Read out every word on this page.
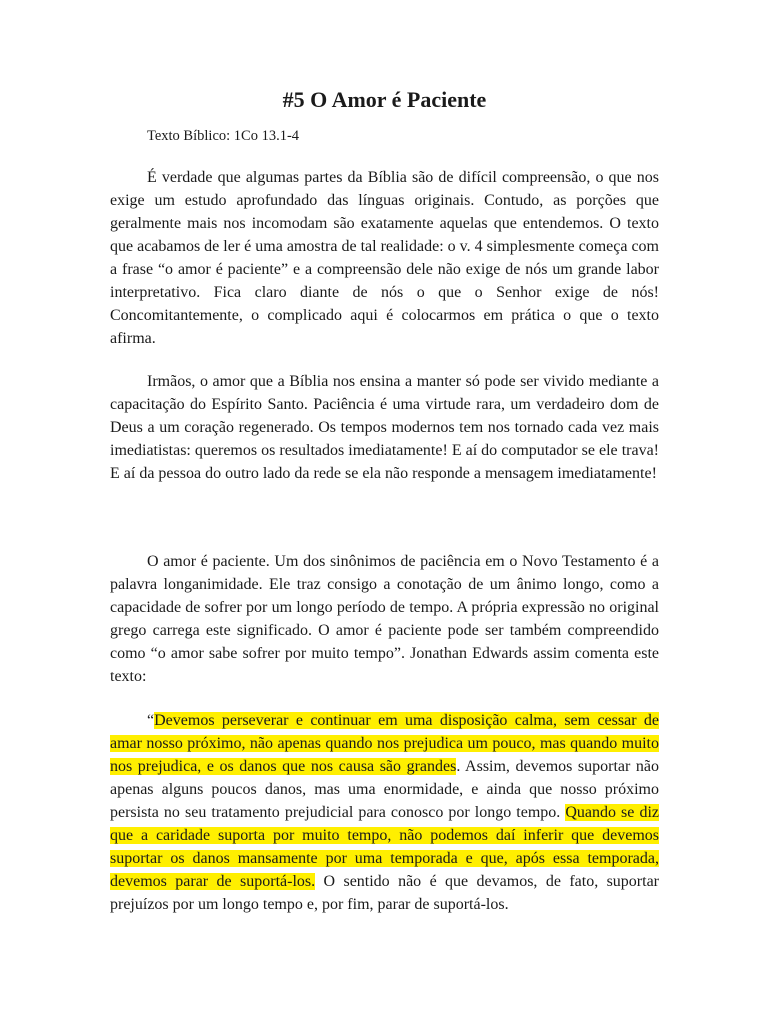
#5 O Amor é Paciente

Texto Bíblico: 1Co 13.1-4

É verdade que algumas partes da Bíblia são de difícil compreensão, o que nos exige um estudo aprofundado das línguas originais. Contudo, as porções que geralmente mais nos incomodam são exatamente aquelas que entendemos. O texto que acabamos de ler é uma amostra de tal realidade: o v. 4 simplesmente começa com a frase “o amor é paciente” e a compreensão dele não exige de nós um grande labor interpretativo. Fica claro diante de nós o que o Senhor exige de nós! Concomitantemente, o complicado aqui é colocarmos em prática o que o texto afirma.

Irmãos, o amor que a Bíblia nos ensina a manter só pode ser vivido mediante a capacitação do Espírito Santo. Paciência é uma virtude rara, um verdadeiro dom de Deus a um coração regenerado. Os tempos modernos tem nos tornado cada vez mais imediatistas: queremos os resultados imediatamente! E aí do computador se ele trava! E aí da pessoa do outro lado da rede se ela não responde a mensagem imediatamente!

O amor é paciente. Um dos sinônimos de paciência em o Novo Testamento é a palavra longanimidade. Ele traz consigo a conotação de um ânimo longo, como a capacidade de sofrer por um longo período de tempo. A própria expressão no original grego carrega este significado. O amor é paciente pode ser também compreendido como “o amor sabe sofrer por muito tempo”. Jonathan Edwards assim comenta este texto:

“Devemos perseverar e continuar em uma disposição calma, sem cessar de amar nosso próximo, não apenas quando nos prejudica um pouco, mas quando muito nos prejudica, e os danos que nos causa são grandes. Assim, devemos suportar não apenas alguns poucos danos, mas uma enormidade, e ainda que nosso próximo persista no seu tratamento prejudicial para conosco por longo tempo. Quando se diz que a caridade suporta por muito tempo, não podemos daí inferir que devemos suportar os danos mansamente por uma temporada e que, após essa temporada, devemos parar de suportá-los. O sentido não é que devamos, de fato, suportar prejuízos por um longo tempo e, por fim, parar de suportá-los.
